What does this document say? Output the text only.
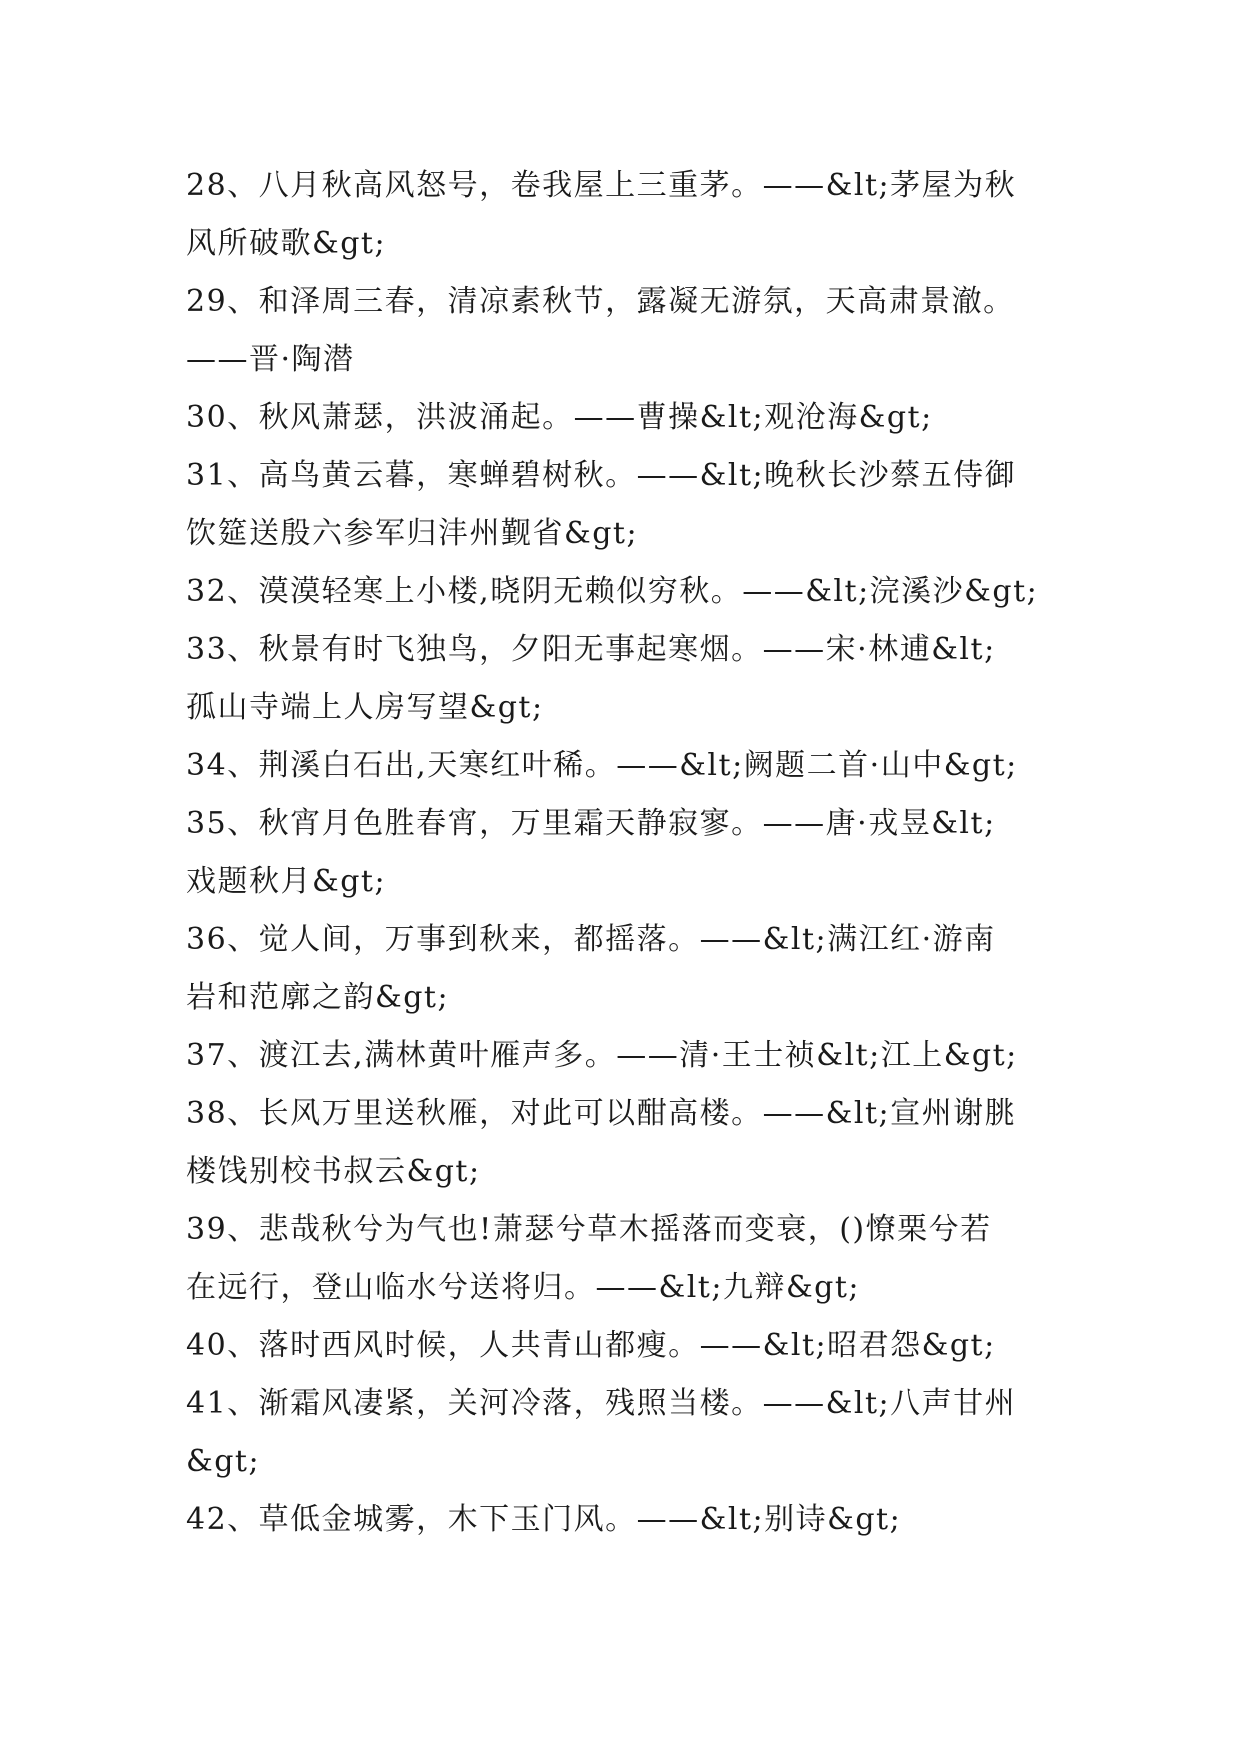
28、八月秋高风怒号，卷我屋上三重茅。——&lt;茅屋为秋
风所破歌&gt;
29、和泽周三春，清凉素秋节，露凝无游氛，天高肃景澈。
——晋·陶潜
30、秋风萧瑟，洪波涌起。——曹操&lt;观沧海&gt;
31、高鸟黄云暮，寒蝉碧树秋。——&lt;晚秋长沙蔡五侍御
饮筵送殷六参军归沣州觐省&gt;
32、漠漠轻寒上小楼,晓阴无赖似穷秋。——&lt;浣溪沙&gt;
33、秋景有时飞独鸟，夕阳无事起寒烟。——宋·林逋&lt;
孤山寺端上人房写望&gt;
34、荆溪白石出,天寒红叶稀。——&lt;阙题二首·山中&gt;
35、秋宵月色胜春宵，万里霜天静寂寥。——唐·戎昱&lt;
戏题秋月&gt;
36、觉人间，万事到秋来，都摇落。——&lt;满江红·游南
岩和范廓之韵&gt;
37、渡江去,满林黄叶雁声多。——清·王士祯&lt;江上&gt;
38、长风万里送秋雁，对此可以酣高楼。——&lt;宣州谢朓
楼饯别校书叔云&gt;
39、悲哉秋兮为气也!萧瑟兮草木摇落而变衰，()憭栗兮若
在远行，登山临水兮送将归。——&lt;九辩&gt;
40、落时西风时候，人共青山都瘦。——&lt;昭君怨&gt;
41、渐霜风凄紧，关河冷落，残照当楼。——&lt;八声甘州
&gt;
42、草低金城雾，木下玉门风。——&lt;别诗&gt;
